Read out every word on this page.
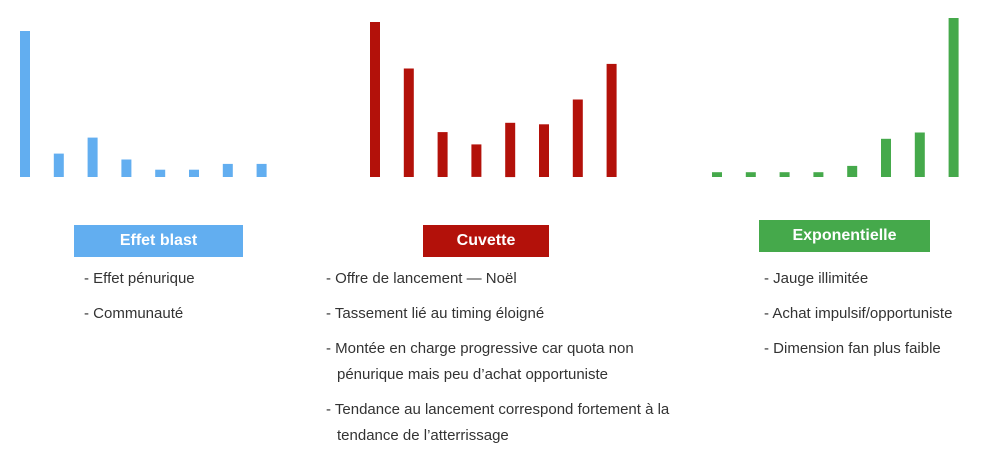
Effet blast
- Effet pénurique
- Communauté
Cuvette
- Offre de lancement — Noël
- Tassement lié au timing éloigné
- Montée en charge progressive car quota non pénurique mais peu d’achat opportuniste
- Tendance au lancement correspond fortement à la tendance de l’atterrissage
Exponentielle
- Jauge illimitée
- Achat impulsif/opportuniste
- Dimension fan plus faible
